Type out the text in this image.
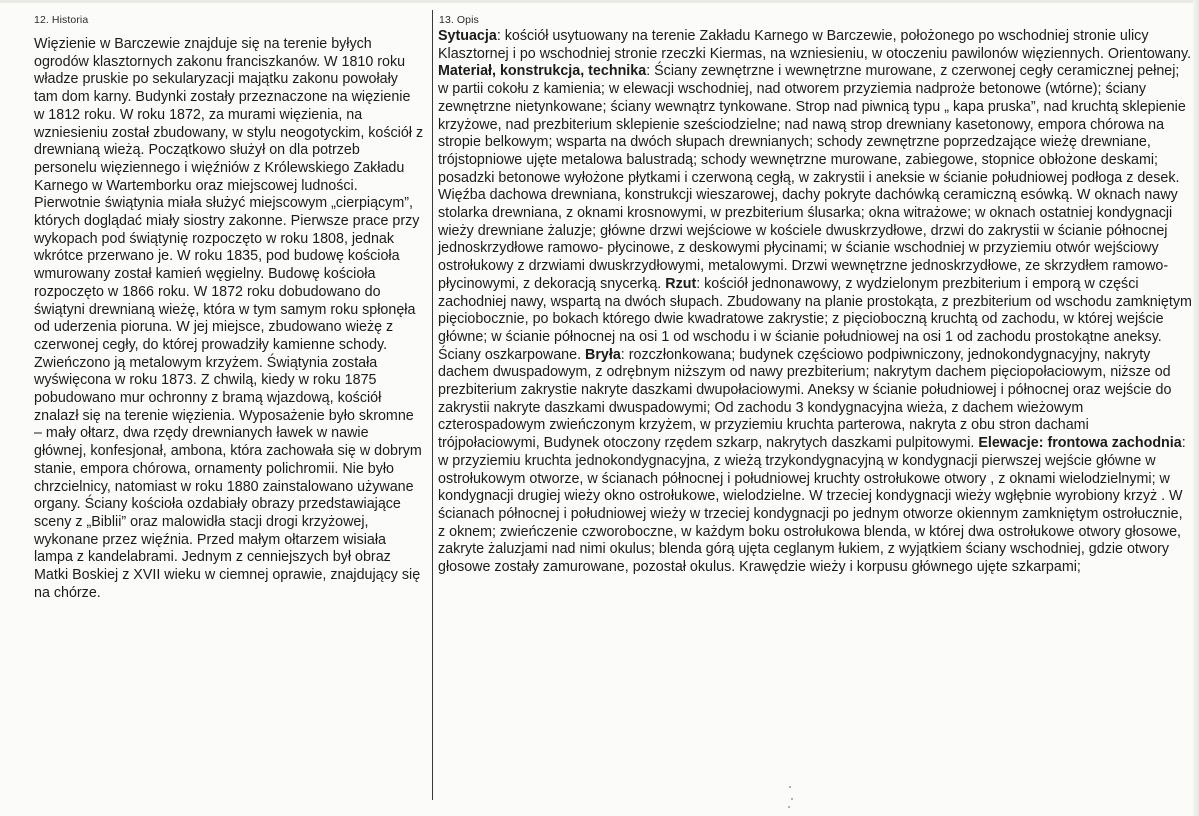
12. Historia

Więzienie w Barczewie znajduje się na terenie byłych ogrodów klasztornych zakonu franciszkanów. W 1810 roku władze pruskie po sekularyzacji majątku zakonu powołały tam dom karny. Budynki zostały przeznaczone na więzienie w 1812 roku. W roku 1872, za murami więzienia, na wzniesieniu został zbudowany, w stylu neogotyckim, kościół z drewnianą wieżą. Początkowo służył on dla potrzeb personelu więziennego i więźniów z Królewskiego Zakładu Karnego w Wartemborku oraz miejscowej ludności. Pierwotnie świątynia miała służyć miejscowym „cierpiącym”, których doglądać miały siostry zakonne. Pierwsze prace przy wykopach pod świątynię rozpoczęto w roku 1808, jednak wkrótce przerwano je. W roku 1835, pod budowę kościoła wmurowany został kamień węgielny. Budowę kościoła rozpoczęto w 1866 roku. W 1872 roku dobudowano do świątyni drewnianą wieżę, która w tym samym roku spłonęła od uderzenia pioruna. W jej miejsce, zbudowano wieżę z czerwonej cegły, do której prowadziły kamienne schody. Zwieńczono ją metalowym krzyżem. Świątynia została wyświęcona w roku 1873. Z chwilą, kiedy w roku 1875 pobudowano mur ochronny z bramą wjazdową, kościół znalazł się na terenie więzienia. Wyposażenie było skromne – mały ołtarz, dwa rzędy drewnianych ławek w nawie głównej, konfesjonał, ambona, która zachowała się w dobrym stanie, empora chórowa, ornamenty polichromii. Nie było chrzcielnicy, natomiast w roku 1880 zainstalowano używane organy. Ściany kościoła ozdabiały obrazy przedstawiające sceny z „Biblii” oraz malowidła stacji drogi krzyżowej, wykonane przez więźnia. Przed małym ołtarzem wisiała lampa z kandelabrami. Jednym z cenniejszych był obraz Matki Boskiej z XVII wieku w ciemnej oprawie, znajdujący się na chórze.

13. Opis

Sytuacja: kościół usytuowany na terenie Zakładu Karnego w Barczewie, położonego po wschodniej stronie ulicy Klasztornej i po wschodniej stronie rzeczki Kiermas, na wzniesieniu, w otoczeniu pawilonów więziennych. Orientowany. Materiał, konstrukcja, technika: Ściany zewnętrzne i wewnętrzne murowane, z czerwonej cegły ceramicznej pełnej; w partii cokołu z kamienia; w elewacji wschodniej, nad otworem przyziemia nadproże betonowe (wtórne); ściany zewnętrzne nietynkowane; ściany wewnątrz tynkowane. Strop nad piwnicą typu „ kapa pruska”, nad kruchtą sklepienie krzyżowe, nad prezbiterium sklepienie sześciodzielne; nad nawą strop drewniany kasetonowy, empora chórowa na stropie belkowym; wsparta na dwóch słupach drewnianych; schody zewnętrzne poprzedzające wieżę drewniane, trójstopniowe ujęte metalowa balustradą; schody wewnętrzne murowane, zabiegowe, stopnice obłożone deskami; posadzki betonowe wyłożone płytkami i czerwoną cegłą, w zakrystii i aneksie w ścianie południowej podłoga z desek. Więźba dachowa drewniana, konstrukcji wieszarowej, dachy pokryte dachówką ceramiczną esówką. W oknach nawy stolarka drewniana, z oknami krosnowymi, w prezbiterium ślusarka; okna witrażowe; w oknach ostatniej kondygnacji wieży drewniane żaluzje; główne drzwi wejściowe w kościele dwuskrzydłowe, drzwi do zakrystii w ścianie północnej jednoskrzydłowe ramowo- płycinowe, z deskowymi płycinami; w ścianie wschodniej w przyziemiu otwór wejściowy ostrołukowy z drzwiami dwuskrzydłowymi, metalowymi. Drzwi wewnętrzne jednoskrzydłowe, ze skrzydłem ramowo- płycinowymi, z dekoracją snycerką. Rzut: kościół jednonawowy, z wydzielonym prezbiterium i emporą w części zachodniej nawy, wspartą na dwóch słupach. Zbudowany na planie prostokąta, z prezbiterium od wschodu zamkniętym pięciobocznie, po bokach którego dwie kwadratowe zakrystie; z pięcioboczną kruchtą od zachodu, w której wejście główne; w ścianie północnej na osi 1 od wschodu i w ścianie południowej na osi 1 od zachodu prostokątne aneksy. Ściany oszkarpowane. Bryła: rozczłonkowana; budynek częściowo podpiwniczony, jednokondygnacyjny, nakryty dachem dwuspadowym, z odrębnym niższym od nawy prezbiterium; nakrytym dachem pięciopołaciowym, niższe od prezbiterium zakrystie nakryte daszkami dwupołaciowymi. Aneksy w ścianie południowej i północnej oraz wejście do zakrystii nakryte daszkami dwuspadowymi; Od zachodu 3 kondygnacyjna wieża, z dachem wieżowym czterospadowym zwieńczonym krzyżem, w przyziemiu kruchta parterowa, nakryta z obu stron dachami trójpołaciowymi, Budynek otoczony rzędem szkarp, nakrytych daszkami pulpitowymi. Elewacje: frontowa zachodnia: w przyziemiu kruchta jednokondygnacyjna, z wieżą trzykondygnacyjną w kondygnacji pierwszej wejście główne w ostrołukowym otworze, w ścianach północnej i południowej kruchty ostrołukowe otwory , z oknami wielodzielnymi; w kondygnacji drugiej wieży okno ostrołukowe, wielodzielne. W trzeciej kondygnacji wieży wgłębnie wyrobiony krzyż . W ścianach północnej i południowej wieży w trzeciej kondygnacji po jednym otworze okiennym zamkniętym ostrołucznie, z oknem; zwieńczenie czworoboczne, w każdym boku ostrołukowa blenda, w której dwa ostrołukowe otwory głosowe, zakryte żaluzjami nad nimi okulus; blenda górą ujęta ceglanym łukiem, z wyjątkiem ściany wschodniej, gdzie otwory głosowe zostały zamurowane, pozostał okulus. Krawędzie wieży i korpusu głównego ujęte szkarpami;
